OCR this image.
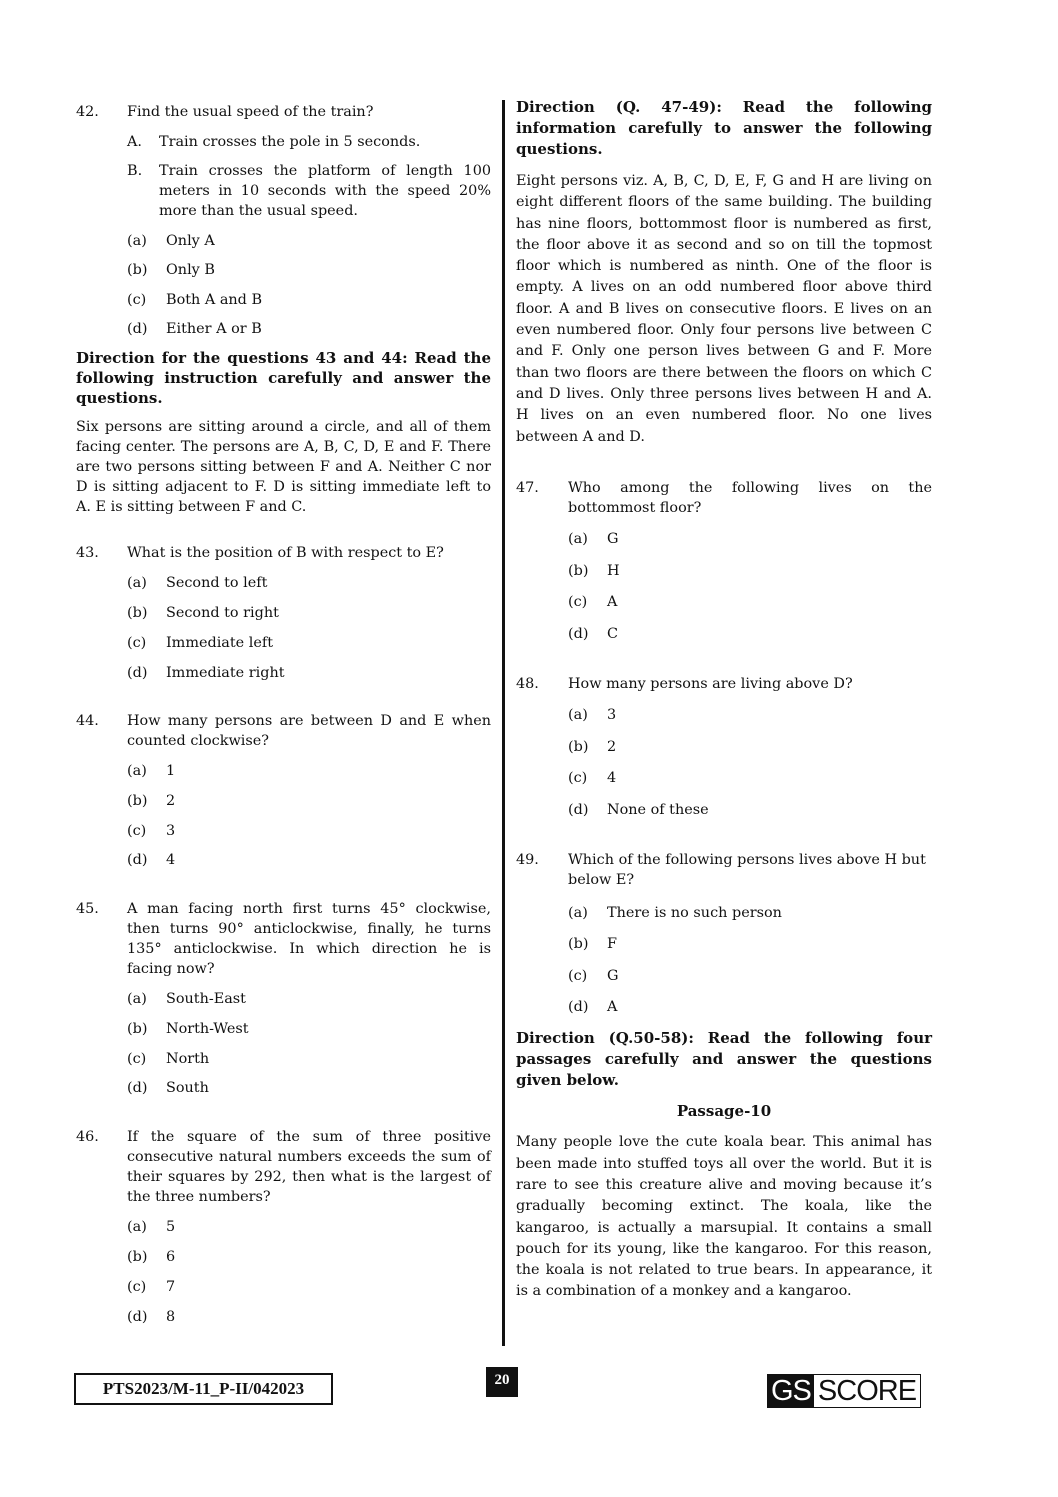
42.	Find the usual speed of the train?
A.	Train crosses the pole in 5 seconds.
B.	Train crosses the platform of length 100 meters in 10 seconds with the speed 20% more than the usual speed.
(a)	Only A
(b)	Only B
(c)	Both A and B
(d)	Either A or B
Direction for the questions 43 and 44: Read the following instruction carefully and answer the questions.
Six persons are sitting around a circle, and all of them facing center. The persons are A, B, C, D, E and F. There are two persons sitting between F and A. Neither C nor D is sitting adjacent to F. D is sitting immediate left to A. E is sitting between F and C.
43.	What is the position of B with respect to E?
(a)	Second to left
(b)	Second to right
(c)	Immediate left
(d)	Immediate right
44.	How many persons are between D and E when counted clockwise?
(a)	1
(b)	2
(c)	3
(d)	4
45.	A man facing north first turns 45° clockwise, then turns 90° anticlockwise, finally, he turns 135° anticlockwise. In which direction he is facing now?
(a)	South-East
(b)	North-West
(c)	North
(d)	South
46.	If the square of the sum of three positive consecutive natural numbers exceeds the sum of their squares by 292, then what is the largest of the three numbers?
(a)	5
(b)	6
(c)	7
(d)	8
Direction (Q. 47-49): Read the following information carefully to answer the following questions.
Eight persons viz. A, B, C, D, E, F, G and H are living on eight different floors of the same building. The building has nine floors, bottommost floor is numbered as first, the floor above it as second and so on till the topmost floor which is numbered as ninth. One of the floor is empty. A lives on an odd numbered floor above third floor. A and B lives on consecutive floors. E lives on an even numbered floor. Only four persons live between C and F. Only one person lives between G and F. More than two floors are there between the floors on which C and D lives. Only three persons lives between H and A. H lives on an even numbered floor. No one lives between A and D.
47.	Who among the following lives on the bottommost floor?
(a)	G
(b)	H
(c)	A
(d)	C
48.	How many persons are living above D?
(a)	3
(b)	2
(c)	4
(d)	None of these
49.	Which of the following persons lives above H but below E?
(a)	There is no such person
(b)	F
(c)	G
(d)	A
Direction (Q.50-58): Read the following four passages carefully and answer the questions given below.
Passage-10
Many people love the cute koala bear. This animal has been made into stuffed toys all over the world. But it is rare to see this creature alive and moving because it’s gradually becoming extinct. The koala, like the kangaroo, is actually a marsupial. It contains a small pouch for its young, like the kangaroo. For this reason, the koala is not related to true bears. In appearance, it is a combination of a monkey and a kangaroo.
PTS2023/M-11_P-II/042023	20	GS SCORE
